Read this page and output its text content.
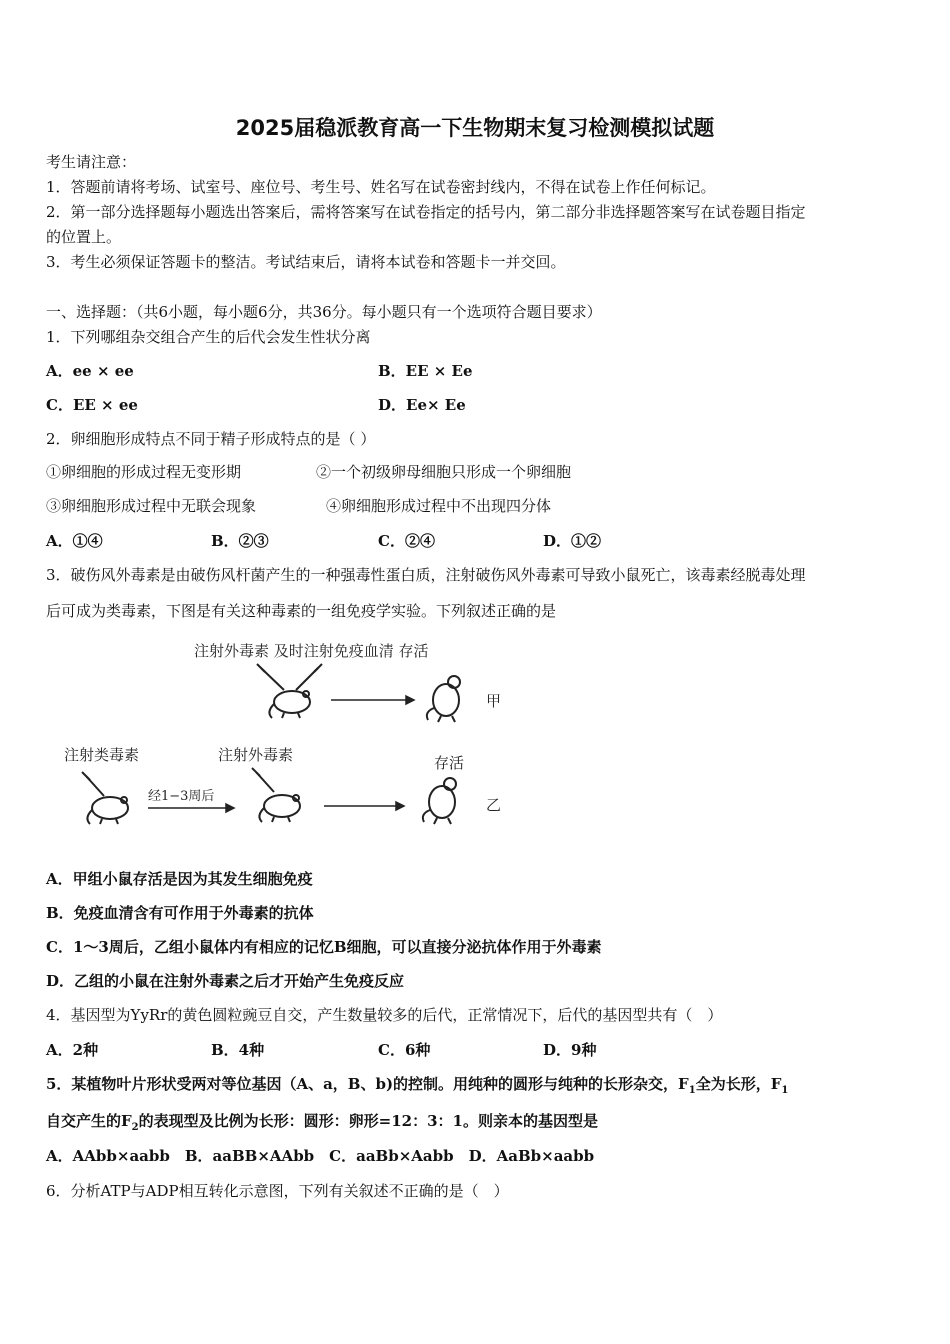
2025届稳派教育高一下生物期末复习检测模拟试题
考生请注意：
1．答题前请将考场、试室号、座位号、考生号、姓名写在试卷密封线内，不得在试卷上作任何标记。
2．第一部分选择题每小题选出答案后，需将答案写在试卷指定的括号内，第二部分非选择题答案写在试卷题目指定
的位置上。
3．考生必须保证答题卡的整洁。考试结束后，请将本试卷和答题卡一并交回。
一、选择题：（共6小题，每小题6分，共36分。每小题只有一个选项符合题目要求）
1．下列哪组杂交组合产生的后代会发生性状分离
A．ee × ee	B．EE × Ee
C．EE × ee	D．Ee× Ee
2．卵细胞形成特点不同于精子形成特点的是（ ）
①卵细胞的形成过程无变形期	②一个初级卵母细胞只形成一个卵细胞
③卵细胞形成过程中无联会现象	④卵细胞形成过程中不出现四分体
A．①④	B．②③	C．②④	D．①②
3．破伤风外毒素是由破伤风杆菌产生的一种强毒性蛋白质，注射破伤风外毒素可导致小鼠死亡，该毒素经脱毒处理
后可成为类毒素，下图是有关这种毒素的一组免疫学实验。下列叙述正确的是
注射外毒素 及时注射免疫血清 存活
甲
注射类毒素	注射外毒素	存活
经1−3周后	乙
A．甲组小鼠存活是因为其发生细胞免疫
B．免疫血清含有可作用于外毒素的抗体
C．1～3周后，乙组小鼠体内有相应的记忆B细胞，可以直接分泌抗体作用于外毒素
D．乙组的小鼠在注射外毒素之后才开始产生免疫反应
4．基因型为YyRr的黄色圆粒豌豆自交，产生数量较多的后代，正常情况下，后代的基因型共有（　）
A．2种	B．4种	C．6种	D．9种
5．某植物叶片形状受两对等位基因（A、a，B、b)的控制。用纯种的圆形与纯种的长形杂交，$F_1$全为长形，$F_1$
自交产生的$F_2$的表现型及比例为长形：圆形：卵形=12：3：1。则亲本的基因型是
A．AAbb×aabb　B．aaBB×AAbb　C．aaBb×Aabb　D．AaBb×aabb
6．分析ATP与ADP相互转化示意图，下列有关叙述不正确的是（　）
